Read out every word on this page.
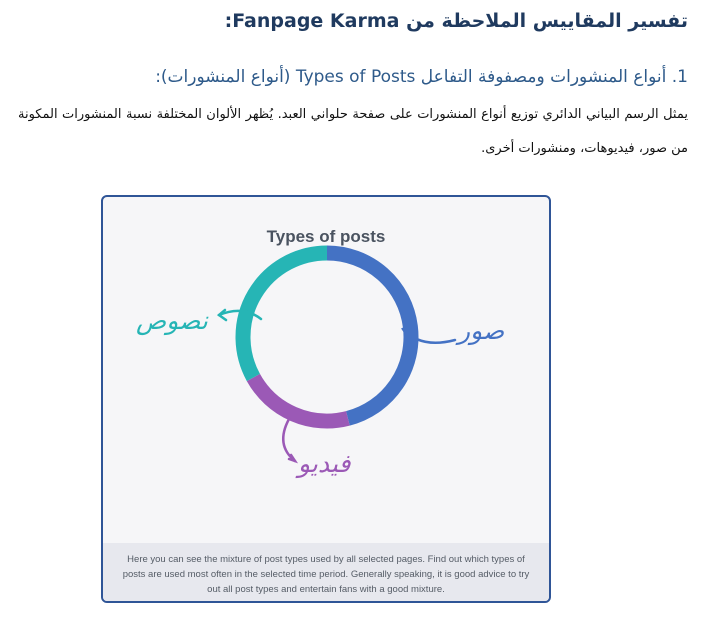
تفسير المقاييس الملاحظة من Fanpage Karma:
1. أنواع المنشورات ومصفوفة التفاعل Types of Posts (أنواع المنشورات):
يمثل الرسم البياني الدائري توزيع أنواع المنشورات على صفحة حلواني العبد. يُظهر الألوان المختلفة نسبة المنشورات المكونة من صور، فيديوهات، ومنشورات أخرى.
Types of posts
صور
نصوص
فيديو
Here you can see the mixture of post types used by all selected pages. Find out which types of posts are used most often in the selected time period. Generally speaking, it is good advice to try out all post types and entertain fans with a good mixture.
